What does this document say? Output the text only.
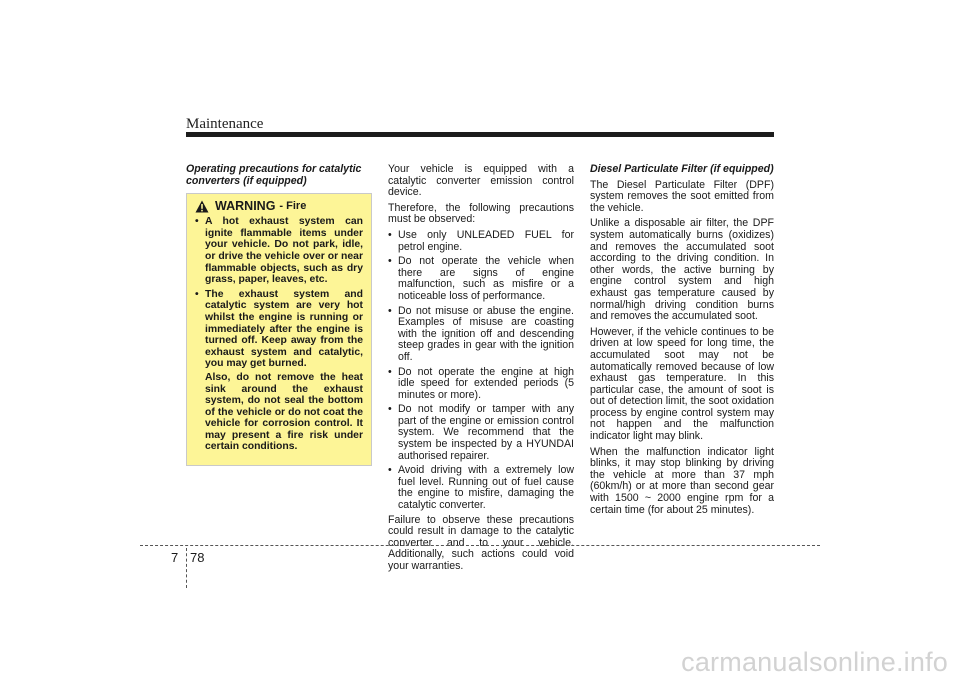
Maintenance
Operating precautions for catalytic converters (if equipped)
WARNING - Fire
• A hot exhaust system can ignite flammable items under your vehicle. Do not park, idle, or drive the vehicle over or near flammable objects, such as dry grass, paper, leaves, etc.
• The exhaust system and catalytic system are very hot whilst the engine is running or immediately after the engine is turned off. Keep away from the exhaust system and catalytic, you may get burned.
Also, do not remove the heat sink around the exhaust system, do not seal the bottom of the vehicle or do not coat the vehicle for corrosion control. It may present a fire risk under certain conditions.

Your vehicle is equipped with a catalytic converter emission control device.

Therefore, the following precautions must be observed:

• Use only UNLEADED FUEL for petrol engine.
• Do not operate the vehicle when there are signs of engine malfunction, such as misfire or a noticeable loss of performance.
• Do not misuse or abuse the engine. Examples of misuse are coasting with the ignition off and descending steep grades in gear with the ignition off.
• Do not operate the engine at high idle speed for extended periods (5 minutes or more).
• Do not modify or tamper with any part of the engine or emission control system. We recommend that the system be inspected by a HYUNDAI authorised repairer.
• Avoid driving with a extremely low fuel level. Running out of fuel cause the engine to misfire, damaging the catalytic converter.

Failure to observe these precautions could result in damage to the catalytic converter and to your vehicle. Additionally, such actions could void your warranties.

Diesel Particulate Filter (if equipped)

The Diesel Particulate Filter (DPF) system removes the soot emitted from the vehicle.

Unlike a disposable air filter, the DPF system automatically burns (oxidizes) and removes the accumulated soot according to the driving condition. In other words, the active burning by engine control system and high exhaust gas temperature caused by normal/high driving condition burns and removes the accumulated soot.

However, if the vehicle continues to be driven at low speed for long time, the accumulated soot may not be automatically removed because of low exhaust gas temperature. In this particular case, the amount of soot is out of detection limit, the soot oxidation process by engine control system may not happen and the malfunction indicator light may blink.

When the malfunction indicator light blinks, it may stop blinking by driving the vehicle at more than 37 mph (60km/h) or at more than second gear with 1500 ~ 2000 engine rpm for a certain time (for about 25 minutes).

7 78
carmanualsonline.info
